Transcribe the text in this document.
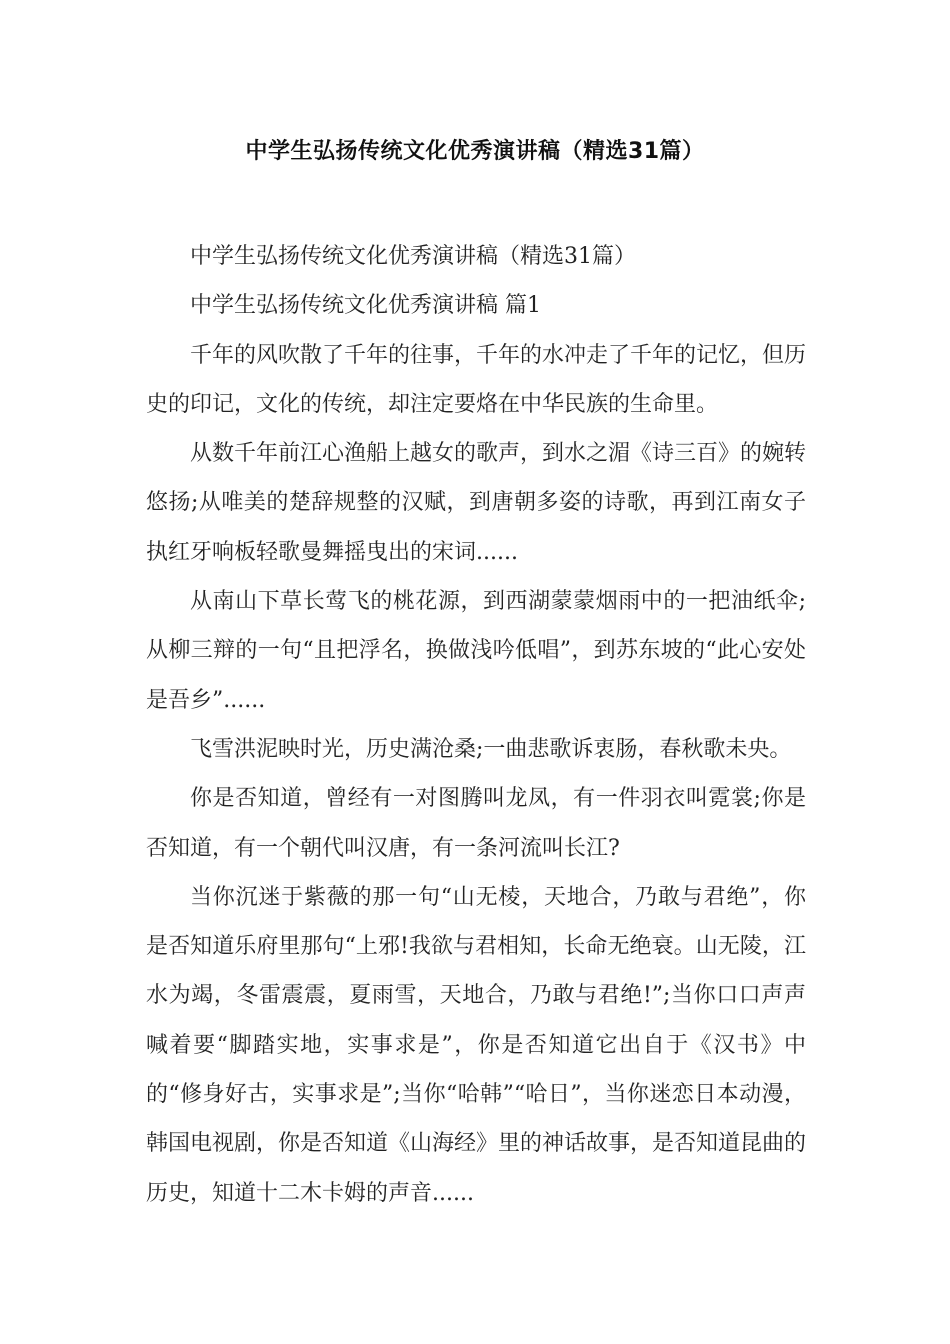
中学生弘扬传统文化优秀演讲稿（精选31篇）

中学生弘扬传统文化优秀演讲稿（精选31篇）

中学生弘扬传统文化优秀演讲稿 篇1

千年的风吹散了千年的往事，千年的水冲走了千年的记忆，但历史的印记，文化的传统，却注定要烙在中华民族的生命里。

从数千年前江心渔船上越女的歌声，到水之湄《诗三百》的婉转悠扬;从唯美的楚辞规整的汉赋，到唐朝多姿的诗歌，再到江南女子执红牙响板轻歌曼舞摇曳出的宋词......

从南山下草长莺飞的桃花源，到西湖蒙蒙烟雨中的一把油纸伞;从柳三辩的一句“且把浮名，换做浅吟低唱”，到苏东坡的“此心安处是吾乡”......

飞雪洪泥映时光，历史满沧桑;一曲悲歌诉衷肠，春秋歌未央。

你是否知道，曾经有一对图腾叫龙凤，有一件羽衣叫霓裳;你是否知道，有一个朝代叫汉唐，有一条河流叫长江?

当你沉迷于紫薇的那一句“山无棱，天地合，乃敢与君绝”，你是否知道乐府里那句“上邪!我欲与君相知，长命无绝衰。山无陵，江水为竭，冬雷震震，夏雨雪，天地合，乃敢与君绝!”;当你口口声声喊着要“脚踏实地，实事求是”，你是否知道它出自于《汉书》中的“修身好古，实事求是”;当你“哈韩”“哈日”，当你迷恋日本动漫，韩国电视剧，你是否知道《山海经》里的神话故事，是否知道昆曲的历史，知道十二木卡姆的声音......
